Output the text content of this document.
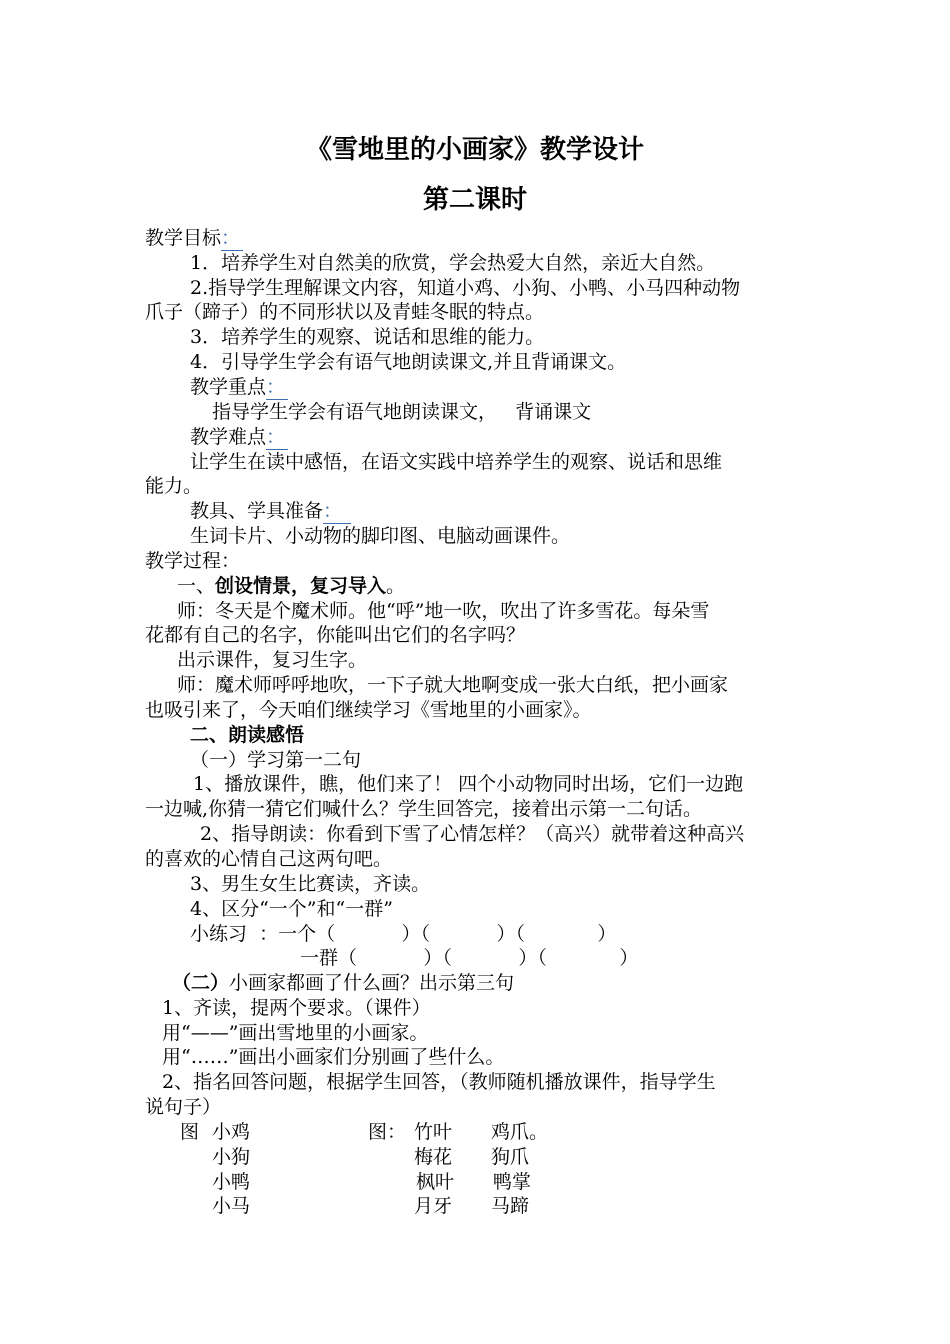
《雪地里的小画家》教学设计
第二课时
教学目标：
1．培养学生对自然美的欣赏，学会热爱大自然，亲近大自然。
2.指导学生理解课文内容，知道小鸡、小狗、小鸭、小马四种动物
爪子（蹄子）的不同形状以及青蛙冬眠的特点。
3．培养学生的观察、说话和思维的能力。
4．引导学生学会有语气地朗读课文,并且背诵课文。
教学重点：
指导学生学会有语气地朗读课文，   背诵课文
教学难点：
让学生在读中感悟，在语文实践中培养学生的观察、说话和思维
能力。
教具、学具准备：
生词卡片、小动物的脚印图、电脑动画课件。
教学过程：
一、创设情景，复习导入。
师：冬天是个魔术师。他“呼”地一吹，吹出了许多雪花。每朵雪
花都有自己的名字，你能叫出它们的名字吗？
出示课件，复习生字。
师：魔术师呼呼地吹，一下子就大地啊变成一张大白纸，把小画家
也吸引来了，今天咱们继续学习《雪地里的小画家》。
二、朗读感悟
（一）学习第一二句
1、播放课件，瞧，他们来了！ 四个小动物同时出场，它们一边跑
一边喊,你猜一猜它们喊什么？学生回答完，接着出示第一二句话。
2、指导朗读：你看到下雪了心情怎样？（高兴）就带着这种高兴
的喜欢的心情自己这两句吧。
3、男生女生比赛读，齐读。
4、区分“一个”和“一群”
小练习  ：一个（           ）（           ）（            ）
一群（           ）（           ）（            ）
（二）小画家都画了什么画？出示第三句
1、齐读，提两个要求。（课件）
用“——”画出雪地里的小画家。
用“……”画出小画家们分别画了些什么。
2、指名回答问题，根据学生回答，（教师随机播放课件，指导学生
说句子）
图	图：
小鸡
小狗
小鸭
小马
竹叶
梅花
枫叶
月牙
鸡爪。
狗爪
鸭掌
马蹄
